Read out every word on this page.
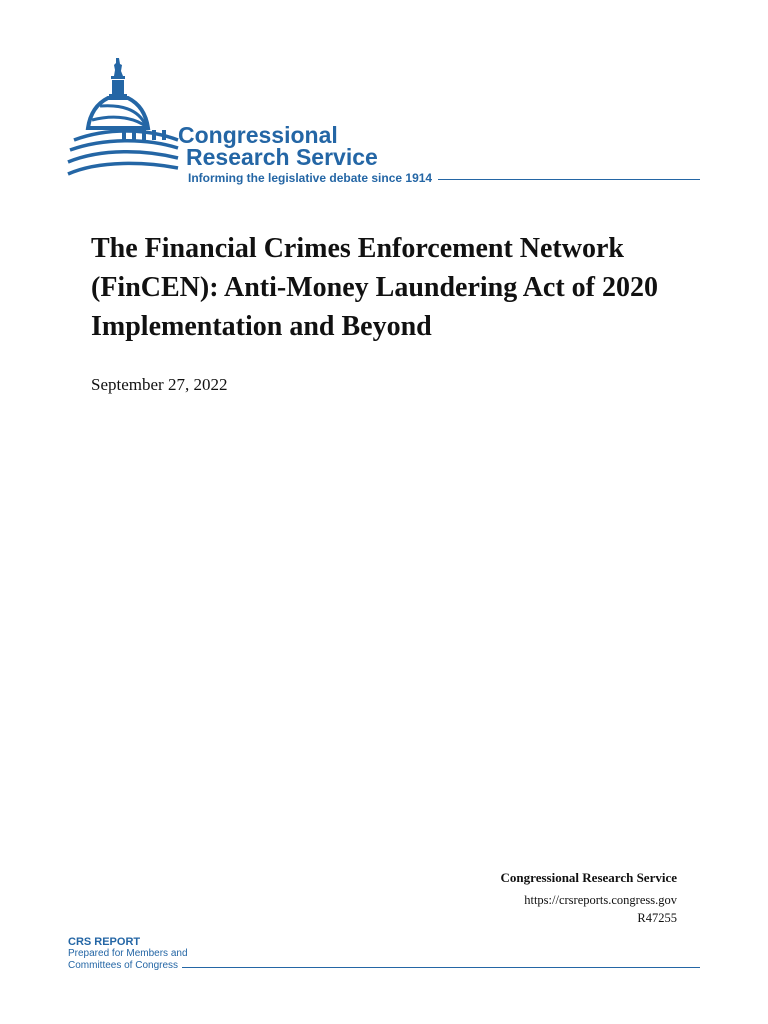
Congressional
Research Service
Informing the legislative debate since 1914
The Financial Crimes Enforcement Network (FinCEN): Anti-Money Laundering Act of 2020 Implementation and Beyond
September 27, 2022
Congressional Research Service
https://crsreports.congress.gov
R47255
CRS REPORT
Prepared for Members and
Committees of Congress
